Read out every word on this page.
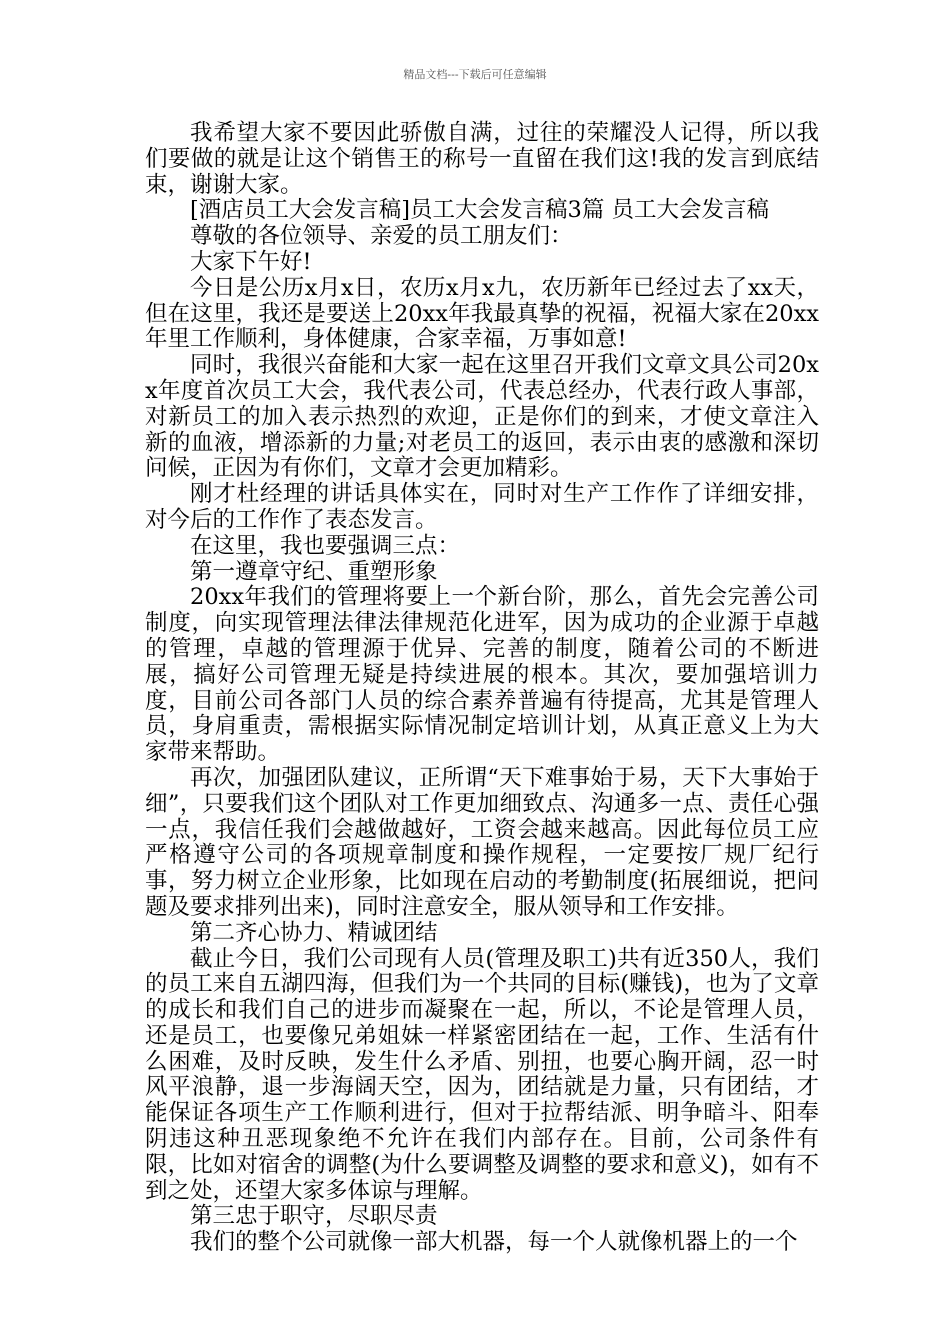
精品文档---下载后可任意编辑

我希望大家不要因此骄傲自满，过往的荣耀没人记得，所以我们要做的就是让这个销售王的称号一直留在我们这!我的发言到底结束，谢谢大家。

[酒店员工大会发言稿]员工大会发言稿3篇 员工大会发言稿

尊敬的各位领导、亲爱的员工朋友们：

大家下午好!

今日是公历x月x日，农历x月x九，农历新年已经过去了xx天，但在这里，我还是要送上20xx年我最真挚的祝福，祝福大家在20xx年里工作顺利，身体健康，合家幸福，万事如意!

同时，我很兴奋能和大家一起在这里召开我们文章文具公司20xx年度首次员工大会，我代表公司，代表总经办，代表行政人事部，对新员工的加入表示热烈的欢迎，正是你们的到来，才使文章注入新的血液，增添新的力量;对老员工的返回，表示由衷的感激和深切问候，正因为有你们，文章才会更加精彩。

刚才杜经理的讲话具体实在，同时对生产工作作了详细安排，对今后的工作作了表态发言。

在这里，我也要强调三点：

第一遵章守纪、重塑形象

20xx年我们的管理将要上一个新台阶，那么，首先会完善公司制度，向实现管理法律法律规范化进军，因为成功的企业源于卓越的管理，卓越的管理源于优异、完善的制度，随着公司的不断进展，搞好公司管理无疑是持续进展的根本。其次，要加强培训力度，目前公司各部门人员的综合素养普遍有待提高，尤其是管理人员，身肩重责，需根据实际情况制定培训计划，从真正意义上为大家带来帮助。

再次，加强团队建议，正所谓“天下难事始于易，天下大事始于细”，只要我们这个团队对工作更加细致点、沟通多一点、责任心强一点，我信任我们会越做越好，工资会越来越高。因此每位员工应严格遵守公司的各项规章制度和操作规程，一定要按厂规厂纪行事，努力树立企业形象，比如现在启动的考勤制度(拓展细说，把问题及要求排列出来)，同时注意安全，服从领导和工作安排。

第二齐心协力、精诚团结

截止今日，我们公司现有人员(管理及职工)共有近350人，我们的员工来自五湖四海，但我们为一个共同的目标(赚钱)，也为了文章的成长和我们自己的进步而凝聚在一起，所以，不论是管理人员，还是员工，也要像兄弟姐妹一样紧密团结在一起，工作、生活有什么困难，及时反映，发生什么矛盾、别扭，也要心胸开阔，忍一时风平浪静，退一步海阔天空，因为，团结就是力量，只有团结，才能保证各项生产工作顺利进行，但对于拉帮结派、明争暗斗、阳奉阴违这种丑恶现象绝不允许在我们内部存在。目前，公司条件有限，比如对宿舍的调整(为什么要调整及调整的要求和意义)，如有不到之处，还望大家多体谅与理解。

第三忠于职守，尽职尽责

我们的整个公司就像一部大机器，每一个人就像机器上的一个
